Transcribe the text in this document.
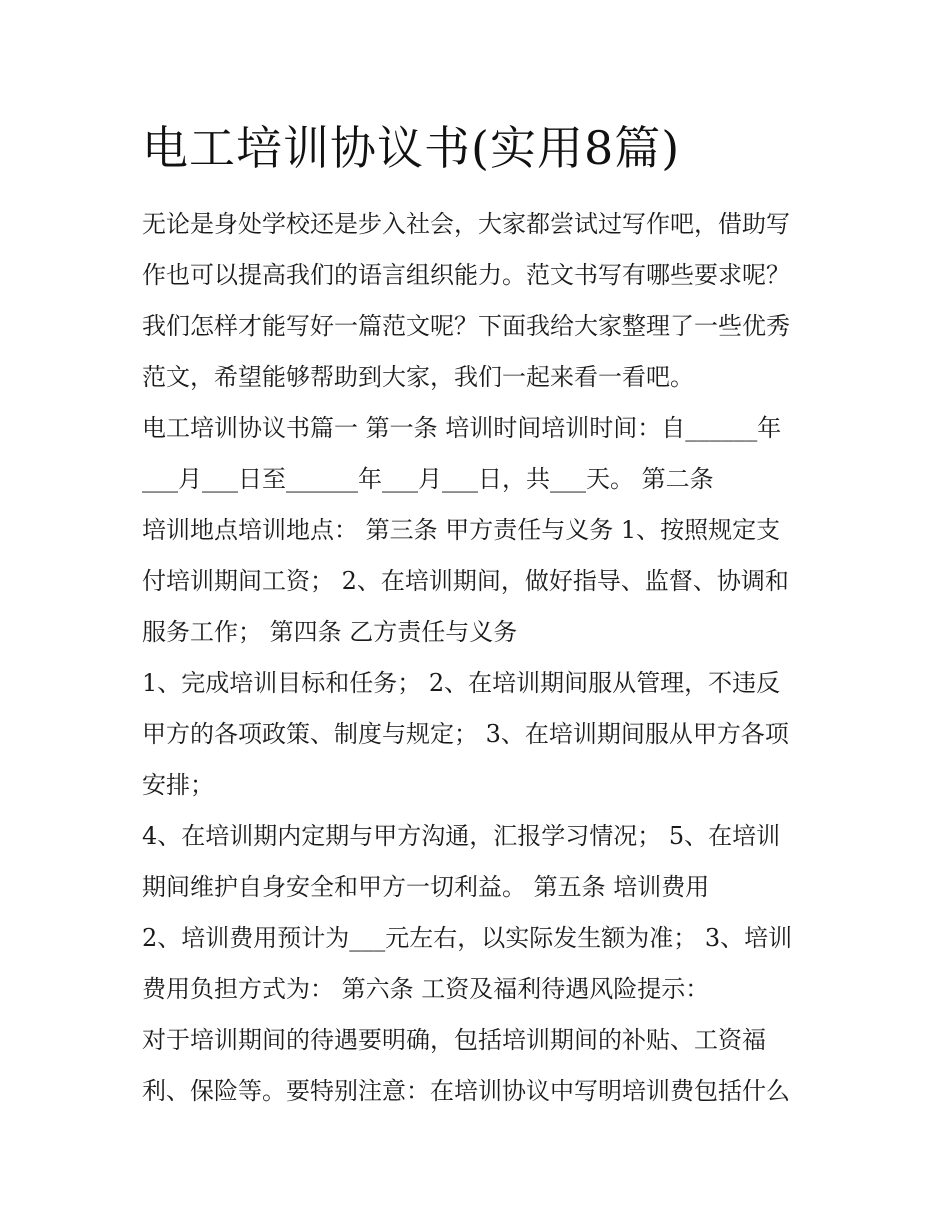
电工培训协议书(实用8篇)
无论是身处学校还是步入社会，大家都尝试过写作吧，借助写
作也可以提高我们的语言组织能力。范文书写有哪些要求呢？
我们怎样才能写好一篇范文呢？下面我给大家整理了一些优秀
范文，希望能够帮助到大家，我们一起来看一看吧。
电工培训协议书篇一 第一条 培训时间培训时间：自______年
___月___日至______年___月___日，共___天。 第二条
培训地点培训地点： 第三条 甲方责任与义务 1、按照规定支
付培训期间工资； 2、在培训期间，做好指导、监督、协调和
服务工作； 第四条 乙方责任与义务
1、完成培训目标和任务； 2、在培训期间服从管理，不违反
甲方的各项政策、制度与规定； 3、在培训期间服从甲方各项
安排；
4、在培训期内定期与甲方沟通，汇报学习情况； 5、在培训
期间维护自身安全和甲方一切利益。 第五条 培训费用
2、培训费用预计为___元左右，以实际发生额为准； 3、培训
费用负担方式为： 第六条 工资及福利待遇风险提示：
对于培训期间的待遇要明确，包括培训期间的补贴、工资福
利、保险等。要特别注意：在培训协议中写明培训费包括什么
